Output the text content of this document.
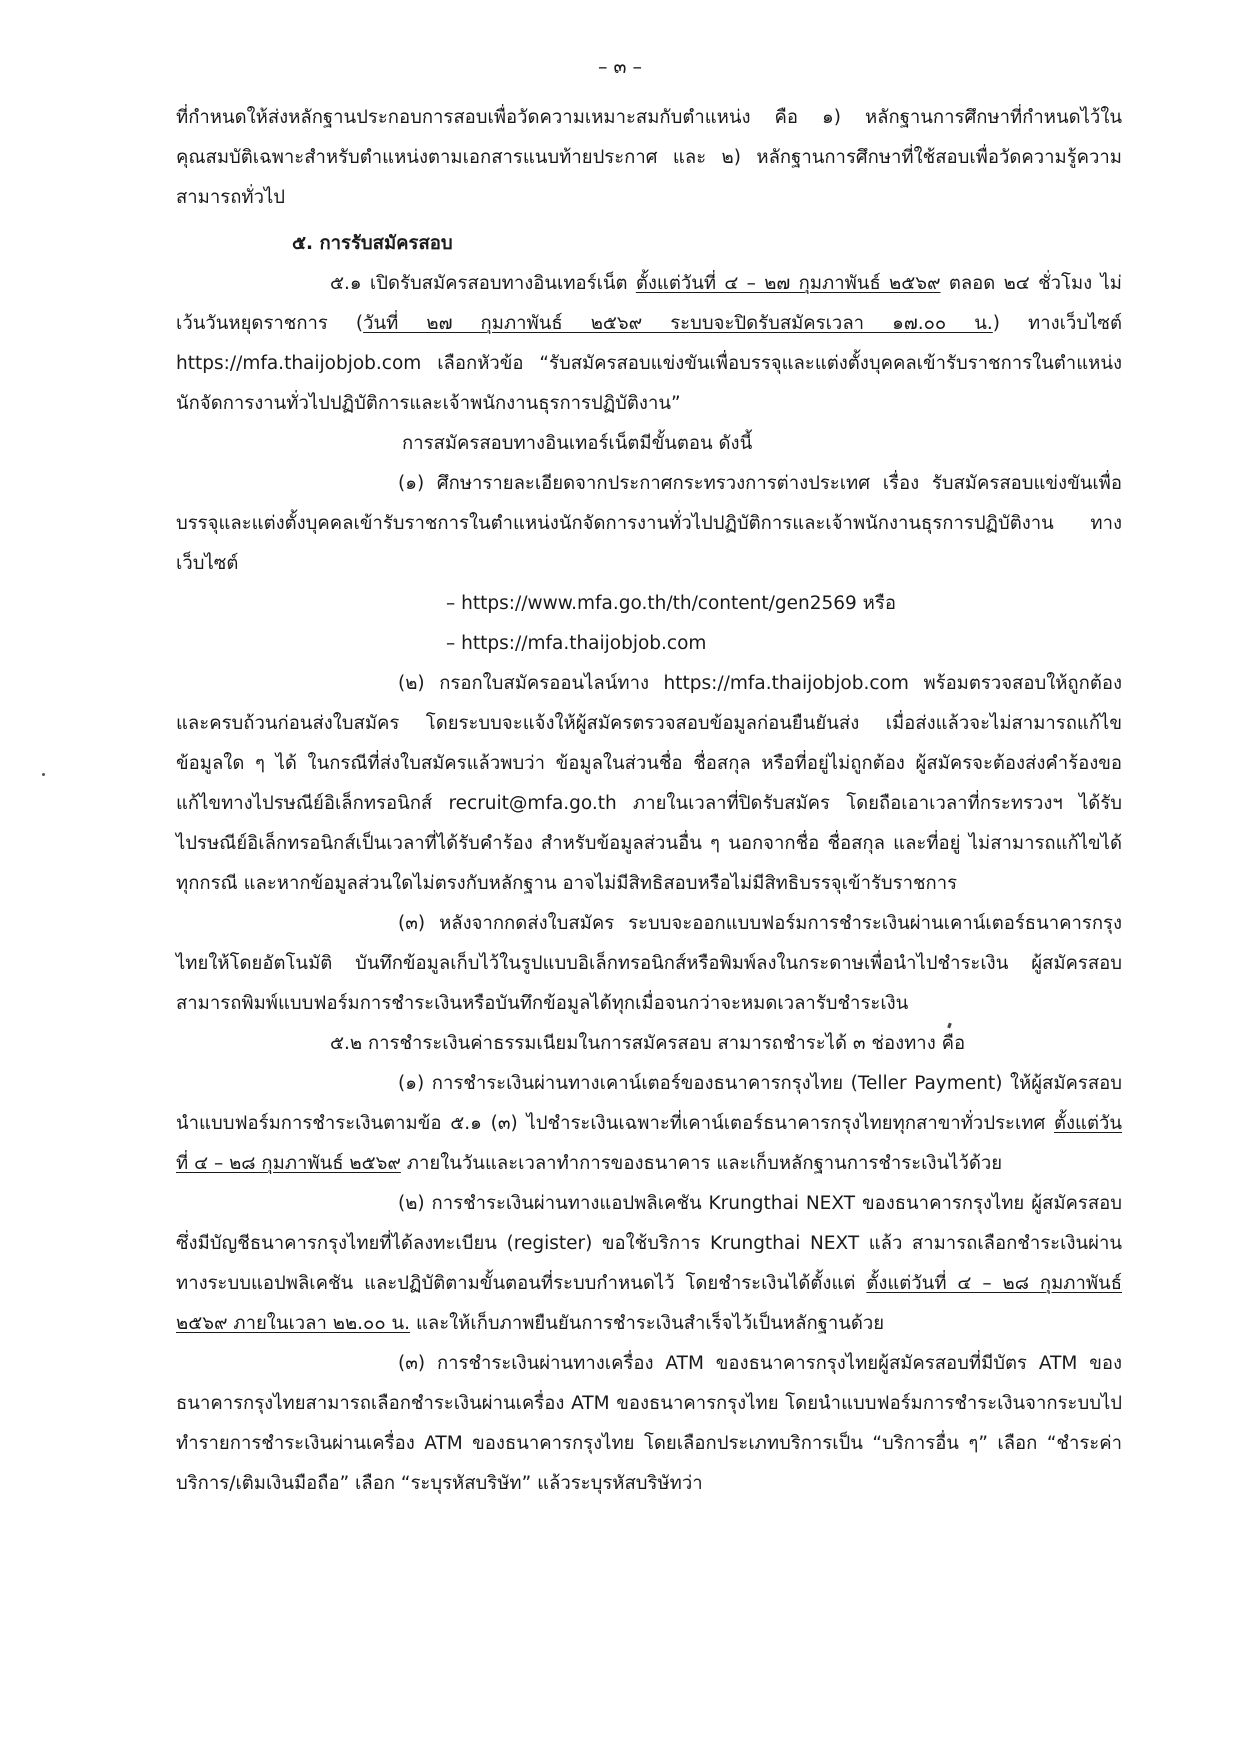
– ๓ –

ที่กำหนดให้ส่งหลักฐานประกอบการสอบเพื่อวัดความเหมาะสมกับตำแหน่ง คือ ๑) หลักฐานการศึกษาที่กำหนดไว้ในคุณสมบัติเฉพาะสำหรับตำแหน่งตามเอกสารแนบท้ายประกาศ และ ๒) หลักฐานการศึกษาที่ใช้สอบเพื่อวัดความรู้ความสามารถทั่วไป

๕. การรับสมัครสอบ

๕.๑ เปิดรับสมัครสอบทางอินเทอร์เน็ต ตั้งแต่วันที่ ๔ – ๒๗ กุมภาพันธ์ ๒๕๖๙ ตลอด ๒๔ ชั่วโมง ไม่เว้นวันหยุดราชการ (วันที่ ๒๗ กุมภาพันธ์ ๒๕๖๙ ระบบจะปิดรับสมัครเวลา ๑๗.๐๐ น.) ทางเว็บไซต์ https://mfa.thaijobjob.com เลือกหัวข้อ “รับสมัครสอบแข่งขันเพื่อบรรจุและแต่งตั้งบุคคลเข้ารับราชการในตำแหน่งนักจัดการงานทั่วไปปฏิบัติการและเจ้าพนักงานธุรการปฏิบัติงาน”

การสมัครสอบทางอินเทอร์เน็ตมีขั้นตอน ดังนี้

(๑) ศึกษารายละเอียดจากประกาศกระทรวงการต่างประเทศ เรื่อง รับสมัครสอบแข่งขันเพื่อบรรจุและแต่งตั้งบุคคลเข้ารับราชการในตำแหน่งนักจัดการงานทั่วไปปฏิบัติการและเจ้าพนักงานธุรการปฏิบัติงาน ทางเว็บไซต์

– https://www.mfa.go.th/th/content/gen2569 หรือ

– https://mfa.thaijobjob.com

(๒) กรอกใบสมัครออนไลน์ทาง https://mfa.thaijobjob.com พร้อมตรวจสอบให้ถูกต้องและครบถ้วนก่อนส่งใบสมัคร โดยระบบจะแจ้งให้ผู้สมัครตรวจสอบข้อมูลก่อนยืนยันส่ง เมื่อส่งแล้วจะไม่สามารถแก้ไขข้อมูลใด ๆ ได้ ในกรณีที่ส่งใบสมัครแล้วพบว่า ข้อมูลในส่วนชื่อ ชื่อสกุล หรือที่อยู่ไม่ถูกต้อง ผู้สมัครจะต้องส่งคำร้องขอแก้ไขทางไปรษณีย์อิเล็กทรอนิกส์ recruit@mfa.go.th ภายในเวลาที่ปิดรับสมัคร โดยถือเอาเวลาที่กระทรวงฯ ได้รับไปรษณีย์อิเล็กทรอนิกส์เป็นเวลาที่ได้รับคำร้อง สำหรับข้อมูลส่วนอื่น ๆ นอกจากชื่อ ชื่อสกุล และที่อยู่ ไม่สามารถแก้ไขได้ทุกกรณี และหากข้อมูลส่วนใดไม่ตรงกับหลักฐาน อาจไม่มีสิทธิสอบหรือไม่มีสิทธิบรรจุเข้ารับราชการ

(๓) หลังจากกดส่งใบสมัคร ระบบจะออกแบบฟอร์มการชำระเงินผ่านเคาน์เตอร์ธนาคารกรุงไทยให้โดยอัตโนมัติ บันทึกข้อมูลเก็บไว้ในรูปแบบอิเล็กทรอนิกส์หรือพิมพ์ลงในกระดาษเพื่อนำไปชำระเงิน ผู้สมัครสอบสามารถพิมพ์แบบฟอร์มการชำระเงินหรือบันทึกข้อมูลได้ทุกเมื่อจนกว่าจะหมดเวลารับชำระเงิน

๕.๒ การชำระเงินค่าธรรมเนียมในการสมัครสอบ สามารถชำระได้ ๓ ช่องทาง คือ

(๑) การชำระเงินผ่านทางเคาน์เตอร์ของธนาคารกรุงไทย (Teller Payment) ให้ผู้สมัครสอบนำแบบฟอร์มการชำระเงินตามข้อ ๕.๑ (๓) ไปชำระเงินเฉพาะที่เคาน์เตอร์ธนาคารกรุงไทยทุกสาขาทั่วประเทศ ตั้งแต่วันที่ ๔ – ๒๘ กุมภาพันธ์ ๒๕๖๙ ภายในวันและเวลาทำการของธนาคาร และเก็บหลักฐานการชำระเงินไว้ด้วย

(๒) การชำระเงินผ่านทางแอปพลิเคชัน Krungthai NEXT ของธนาคารกรุงไทย ผู้สมัครสอบซึ่งมีบัญชีธนาคารกรุงไทยที่ได้ลงทะเบียน (register) ขอใช้บริการ Krungthai NEXT แล้ว สามารถเลือกชำระเงินผ่านทางระบบแอปพลิเคชัน และปฏิบัติตามขั้นตอนที่ระบบกำหนดไว้ โดยชำระเงินได้ตั้งแต่ ตั้งแต่วันที่ ๔ – ๒๘ กุมภาพันธ์ ๒๕๖๙ ภายในเวลา ๒๒.๐๐ น. และให้เก็บภาพยืนยันการชำระเงินสำเร็จไว้เป็นหลักฐานด้วย

(๓) การชำระเงินผ่านทางเครื่อง ATM ของธนาคารกรุงไทยผู้สมัครสอบที่มีบัตร ATM ของธนาคารกรุงไทยสามารถเลือกชำระเงินผ่านเครื่อง ATM ของธนาคารกรุงไทย โดยนำแบบฟอร์มการชำระเงินจากระบบไปทำรายการชำระเงินผ่านเครื่อง ATM ของธนาคารกรุงไทย โดยเลือกประเภทบริการเป็น “บริการอื่น ๆ” เลือก “ชำระค่าบริการ/เติมเงินมือถือ” เลือก “ระบุรหัสบริษัท” แล้วระบุรหัสบริษัทว่า
